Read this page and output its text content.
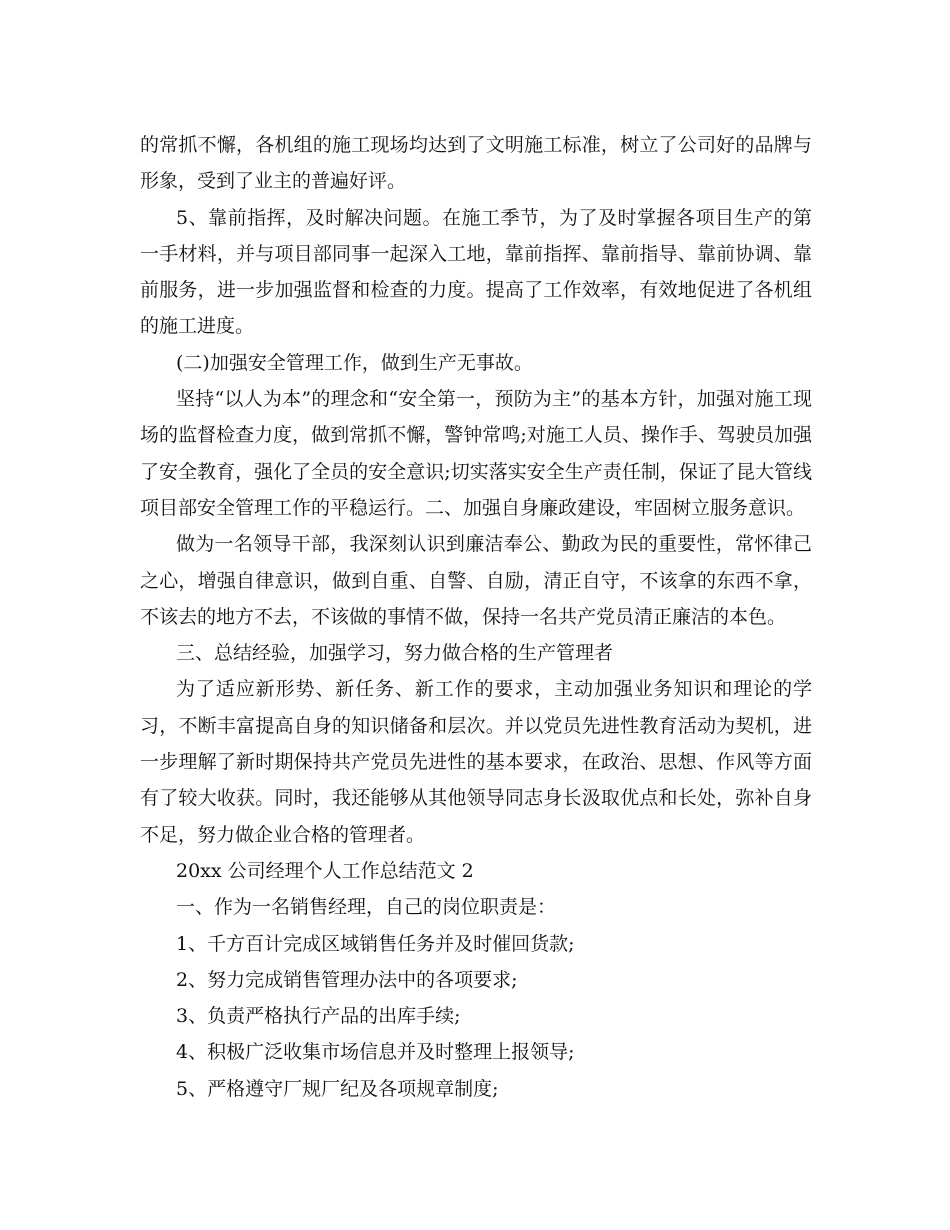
的常抓不懈，各机组的施工现场均达到了文明施工标准，树立了公司好的品牌与形象，受到了业主的普遍好评。

5、靠前指挥，及时解决问题。在施工季节，为了及时掌握各项目生产的第一手材料，并与项目部同事一起深入工地，靠前指挥、靠前指导、靠前协调、靠前服务，进一步加强监督和检查的力度。提高了工作效率，有效地促进了各机组的施工进度。

(二)加强安全管理工作，做到生产无事故。

坚持“以人为本”的理念和“安全第一，预防为主”的基本方针，加强对施工现场的监督检查力度，做到常抓不懈，警钟常鸣;对施工人员、操作手、驾驶员加强了安全教育，强化了全员的安全意识;切实落实安全生产责任制，保证了昆大管线项目部安全管理工作的平稳运行。二、加强自身廉政建设，牢固树立服务意识。

做为一名领导干部，我深刻认识到廉洁奉公、勤政为民的重要性，常怀律己之心，增强自律意识，做到自重、自警、自励，清正自守，不该拿的东西不拿，不该去的地方不去，不该做的事情不做，保持一名共产党员清正廉洁的本色。

三、总结经验，加强学习，努力做合格的生产管理者

为了适应新形势、新任务、新工作的要求，主动加强业务知识和理论的学习，不断丰富提高自身的知识储备和层次。并以党员先进性教育活动为契机，进一步理解了新时期保持共产党员先进性的基本要求，在政治、思想、作风等方面有了较大收获。同时，我还能够从其他领导同志身长汲取优点和长处，弥补自身不足，努力做企业合格的管理者。

20xx 公司经理个人工作总结范文 2

一、作为一名销售经理，自己的岗位职责是：

1、千方百计完成区域销售任务并及时催回货款;

2、努力完成销售管理办法中的各项要求;

3、负责严格执行产品的出库手续;

4、积极广泛收集市场信息并及时整理上报领导;

5、严格遵守厂规厂纪及各项规章制度;
